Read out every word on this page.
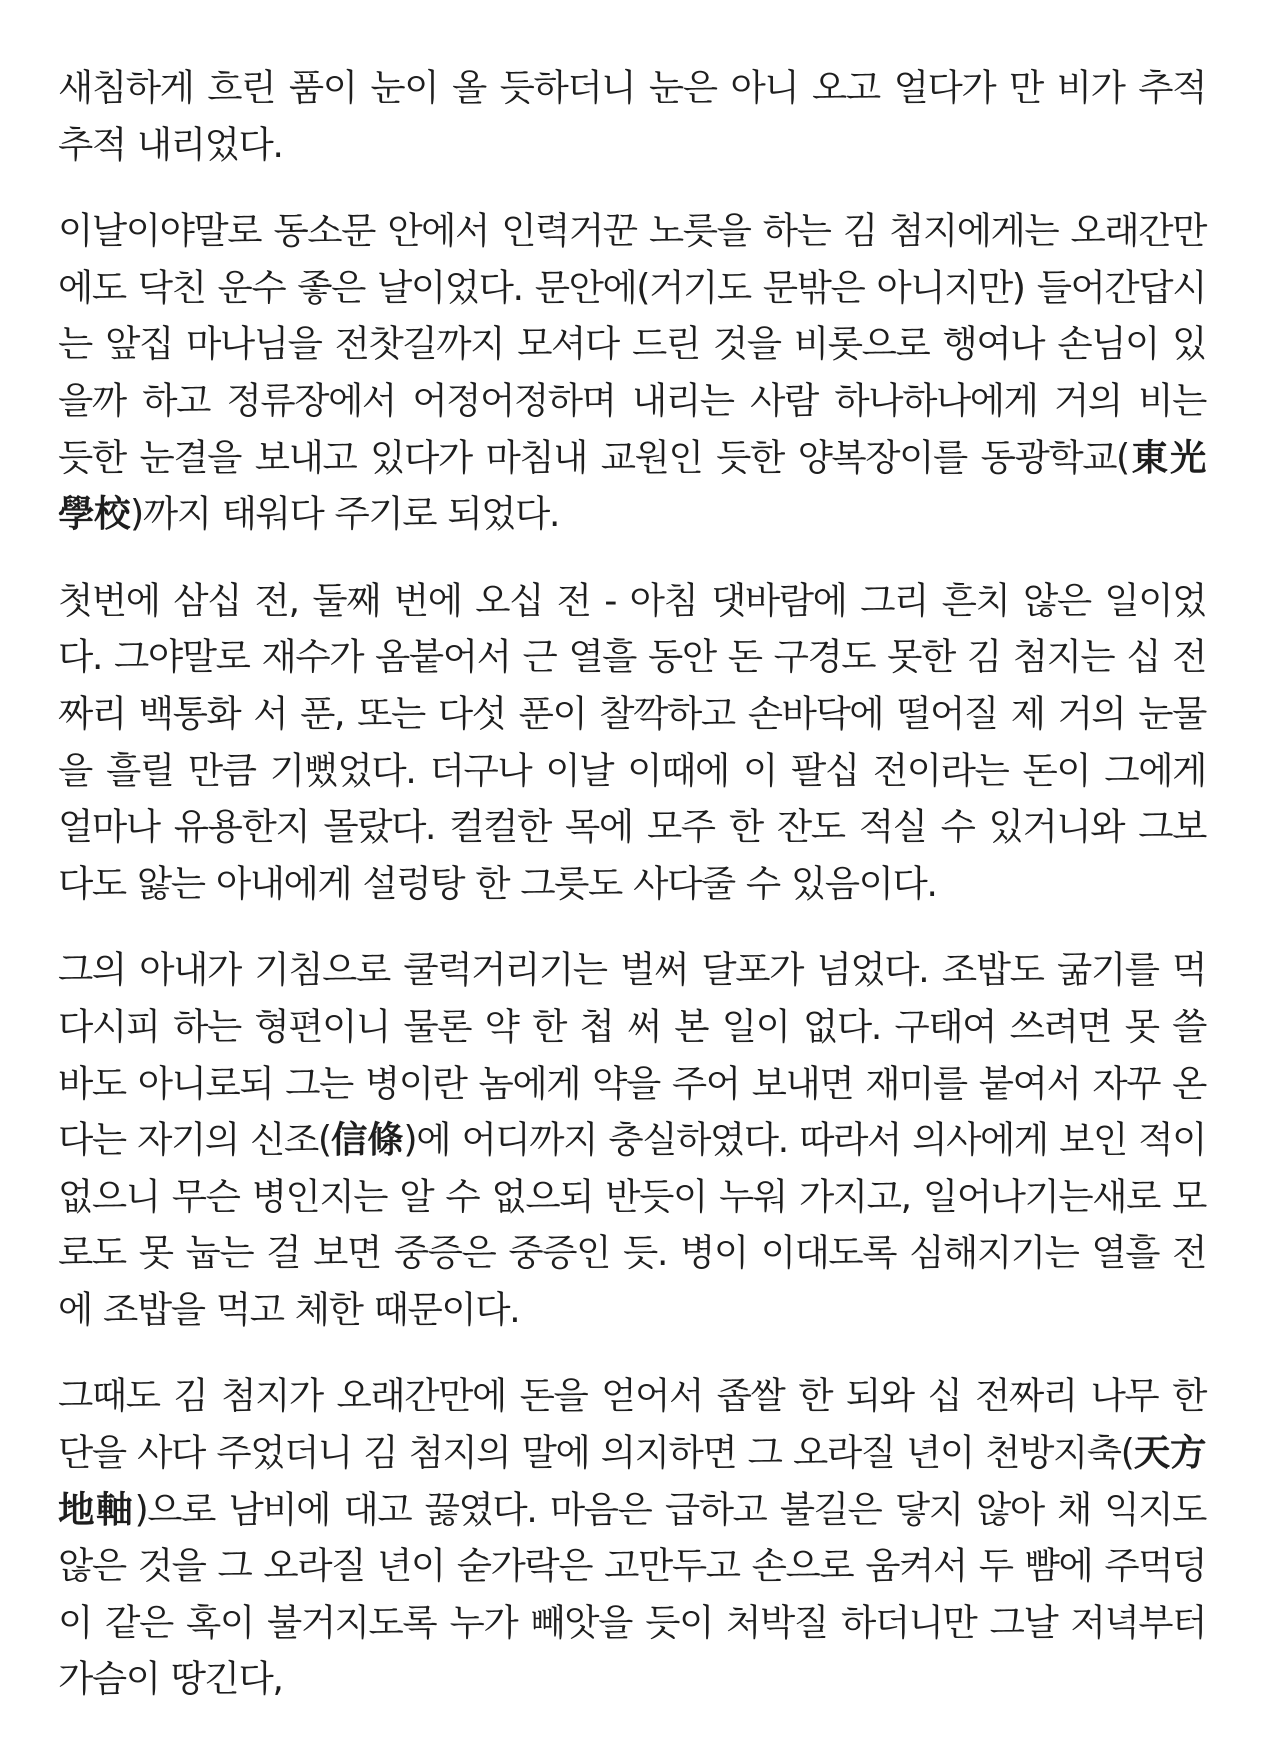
새침하게 흐린 품이 눈이 올 듯하더니 눈은 아니 오고 얼다가 만 비가 추적추적 내리었다.

이날이야말로 동소문 안에서 인력거꾼 노릇을 하는 김 첨지에게는 오래간만에도 닥친 운수 좋은 날이었다. 문안에(거기도 문밖은 아니지만) 들어간답시는 앞집 마나님을 전찻길까지 모셔다 드린 것을 비롯으로 행여나 손님이 있을까 하고 정류장에서 어정어정하며 내리는 사람 하나하나에게 거의 비는 듯한 눈결을 보내고 있다가 마침내 교원인 듯한 양복장이를 동광학교(東光學校)까지 태워다 주기로 되었다.

첫번에 삼십 전, 둘째 번에 오십 전 - 아침 댓바람에 그리 흔치 않은 일이었다. 그야말로 재수가 옴붙어서 근 열흘 동안 돈 구경도 못한 김 첨지는 십 전짜리 백통화 서 푼, 또는 다섯 푼이 찰깍하고 손바닥에 떨어질 제 거의 눈물을 흘릴 만큼 기뻤었다. 더구나 이날 이때에 이 팔십 전이라는 돈이 그에게 얼마나 유용한지 몰랐다. 컬컬한 목에 모주 한 잔도 적실 수 있거니와 그보다도 앓는 아내에게 설렁탕 한 그릇도 사다줄 수 있음이다.

그의 아내가 기침으로 쿨럭거리기는 벌써 달포가 넘었다. 조밥도 굶기를 먹다시피 하는 형편이니 물론 약 한 첩 써 본 일이 없다. 구태여 쓰려면 못 쓸 바도 아니로되 그는 병이란 놈에게 약을 주어 보내면 재미를 붙여서 자꾸 온다는 자기의 신조(信條)에 어디까지 충실하였다. 따라서 의사에게 보인 적이 없으니 무슨 병인지는 알 수 없으되 반듯이 누워 가지고, 일어나기는새로 모로도 못 눕는 걸 보면 중증은 중증인 듯. 병이 이대도록 심해지기는 열흘 전에 조밥을 먹고 체한 때문이다.

그때도 김 첨지가 오래간만에 돈을 얻어서 좁쌀 한 되와 십 전짜리 나무 한 단을 사다 주었더니 김 첨지의 말에 의지하면 그 오라질 년이 천방지축(天方地軸)으로 남비에 대고 끓였다. 마음은 급하고 불길은 닿지 않아 채 익지도 않은 것을 그 오라질 년이 숟가락은 고만두고 손으로 움켜서 두 뺨에 주먹덩이 같은 혹이 불거지도록 누가 빼앗을 듯이 처박질 하더니만 그날 저녁부터 가슴이 땅긴다,
